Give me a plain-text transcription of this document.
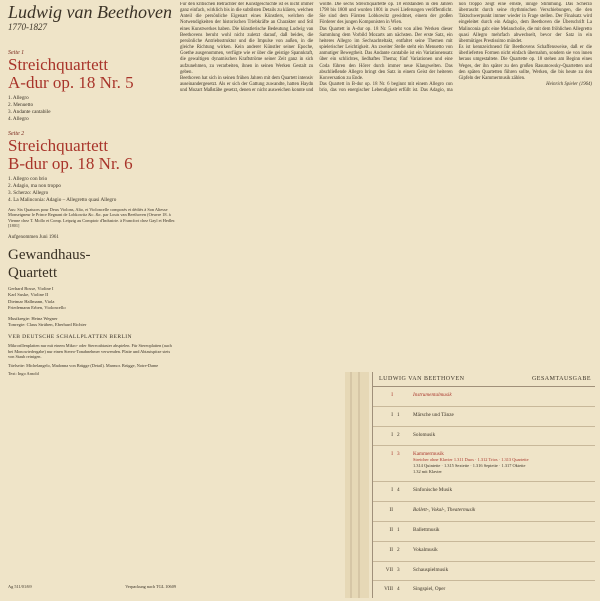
Ludwig van Beethoven

1770-1827

Seite 1

Streichquartett

A-dur op. 18 Nr. 5

1. Allegro
2. Menuetto
3. Andante cantabile
4. Allegro

Seite 2

Streichquartett

B-dur op. 18 Nr. 6

1. Allegro con brio
2. Adagio, ma non troppo
3. Scherzo: Allegro
4. La Malinconia: Adagio – Allegretto quasi Allegro

Aus: Six Quatuors pour Deux Violons, Alto, et Violoncelle composés et dédiés à Son Altesse Monseigneur le Prince Regnant de Lobkowitz &c. &c. par Louis van Beethoven (Oeuvre 18. à Vienne chez T. Mollo et Comp. Leipzig au Comptoir d'Industrie. à Francfort chez Gayl et Hedler. [1801]

Aufgenommen Juni 1961

Gewandhaus-
Quartett

Gerhard Bosse, Violine I
Karl Suske, Violine II
Dietmar Hallmann, Viola
Friedemann Erben, Violoncello
Musikregie: Heinz Wegner
Tonregie: Claus Strüben, Eberhard Richter
VEB DEUTSCHE SCHALLPLATTEN BERLIN

Mikrorillenplatten nur mit einem Mikro- oder Stereoabtaster abspielen. Für Stereoplatten (auch bei Monowiedergabe) nur einen Stereo-Tonabnehmer verwenden. Platte und Abtastspitze stets von Staub reinigen.

Titelseite: Michelangelo, Madonna von Brügge (Detail). Marmor. Brügge, Notre-Dame

Text: Ingo Arnold

Ag 511/01/69	Verpackung nach TGL 10609

Für den kritischen Betrachter der Kunstgeschichte ist es nicht immer ganz einfach, wirklich bis in die subtilsten Details zu klären, welchen Anteil die persönliche Eigenart eines Künstlers, welchen die Notwendigkeiten der historischen Triebkräfte an Charakter und Stil eines Kunstwerkes haben. Die künstlerische Bedeutung Ludwig van Beethovens beruht wohl nicht zuletzt darauf, daß beides, die persönliche Antriebsstruktur und die Impulse von außen, in die gleiche Richtung wirken. Kein anderer Künstler seiner Epoche, Goethe ausgenommen, verfügte wie er über die geistige Spannkraft, die gewaltigen dynamischen Kraftströme seiner Zeit ganz in sich aufzunehmen, zu verarbeiten, ihnen in seinen Werken Gestalt zu geben.

Beethoven hat sich in seinen frühen Jahren mit dem Quartett intensiv auseinandergesetzt. Als er sich der Gattung zuwandte, hatten Haydn und Mozart Maßstäbe gesetzt, denen er nicht ausweichen konnte und wollte. Die sechs Streichquartette op. 18 entstanden in den Jahren 1798 bis 1800 und wurden 1801 in zwei Lieferungen veröffentlicht. Sie sind dem Fürsten Lobkowitz gewidmet, einem der großen Förderer des jungen Komponisten in Wien.

Das Quartett in A-dur op. 18 Nr. 5 steht von allen Werken dieser Sammlung dem Vorbild Mozarts am nächsten. Der erste Satz, ein heiteres Allegro im Sechsachteltakt, entfaltet seine Themen mit spielerischer Leichtigkeit. An zweiter Stelle steht ein Menuetto von anmutiger Bewegtheit. Das Andante cantabile ist ein Variationensatz über ein schlichtes, liedhaftes Thema; fünf Variationen und eine Coda führen den Hörer durch immer neue Klangwelten. Das abschließende Allegro bringt den Satz in einem Geist der heiteren Konversation zu Ende.

Das Quartett in B-dur op. 18 Nr. 6 beginnt mit einem Allegro con brio, das von energischer Lebendigkeit erfüllt ist. Das Adagio, ma non troppo zeigt eine ernste, innige Stimmung. Das Scherzo überrascht durch seine rhythmischen Verschiebungen, die den Taktschwerpunkt immer wieder in Frage stellen. Der Finalsatz wird eingeleitet durch ein Adagio, dem Beethoven die Überschrift La Malinconia gab: eine Melancholie, die mit dem fröhlichen Allegretto quasi Allegro mehrfach abwechselt, bevor der Satz in ein übermütiges Prestissimo mündet.

Es ist kennzeichnend für Beethovens Schaffensweise, daß er die überlieferten Formen nicht einfach übernahm, sondern sie von innen heraus umgestaltete. Die Quartette op. 18 stehen am Beginn eines Weges, der ihn später zu den großen Rasumowsky-Quartetten und den späten Quartetten führen sollte, Werken, die bis heute zu den Gipfeln der Kammermusik zählen.

Heinrich Spieler (1964)

LUDWIG VAN BEETHOVEN	GESAMTAUSGABE
I	Instrumentalmusik
I 1	Märsche und Tänze
I 2	Solomusik
I 3	Kammermusik
Streicher ohne Klavier 1.311 Duos · 1.312 Trios · 1.313 Quartette
1.314 Quintette · 1.315 Sextette · 1.316 Septette · 1.317 Oktette
1.32 mit Klavier
I 4	Sinfonische Musik
II	Ballett-, Vokal-, Theatermusik
II 1	Ballettmusik
II 2	Vokalmusik
VII 3	Schauspielmusik
VIII 4	Singspiel, Oper
